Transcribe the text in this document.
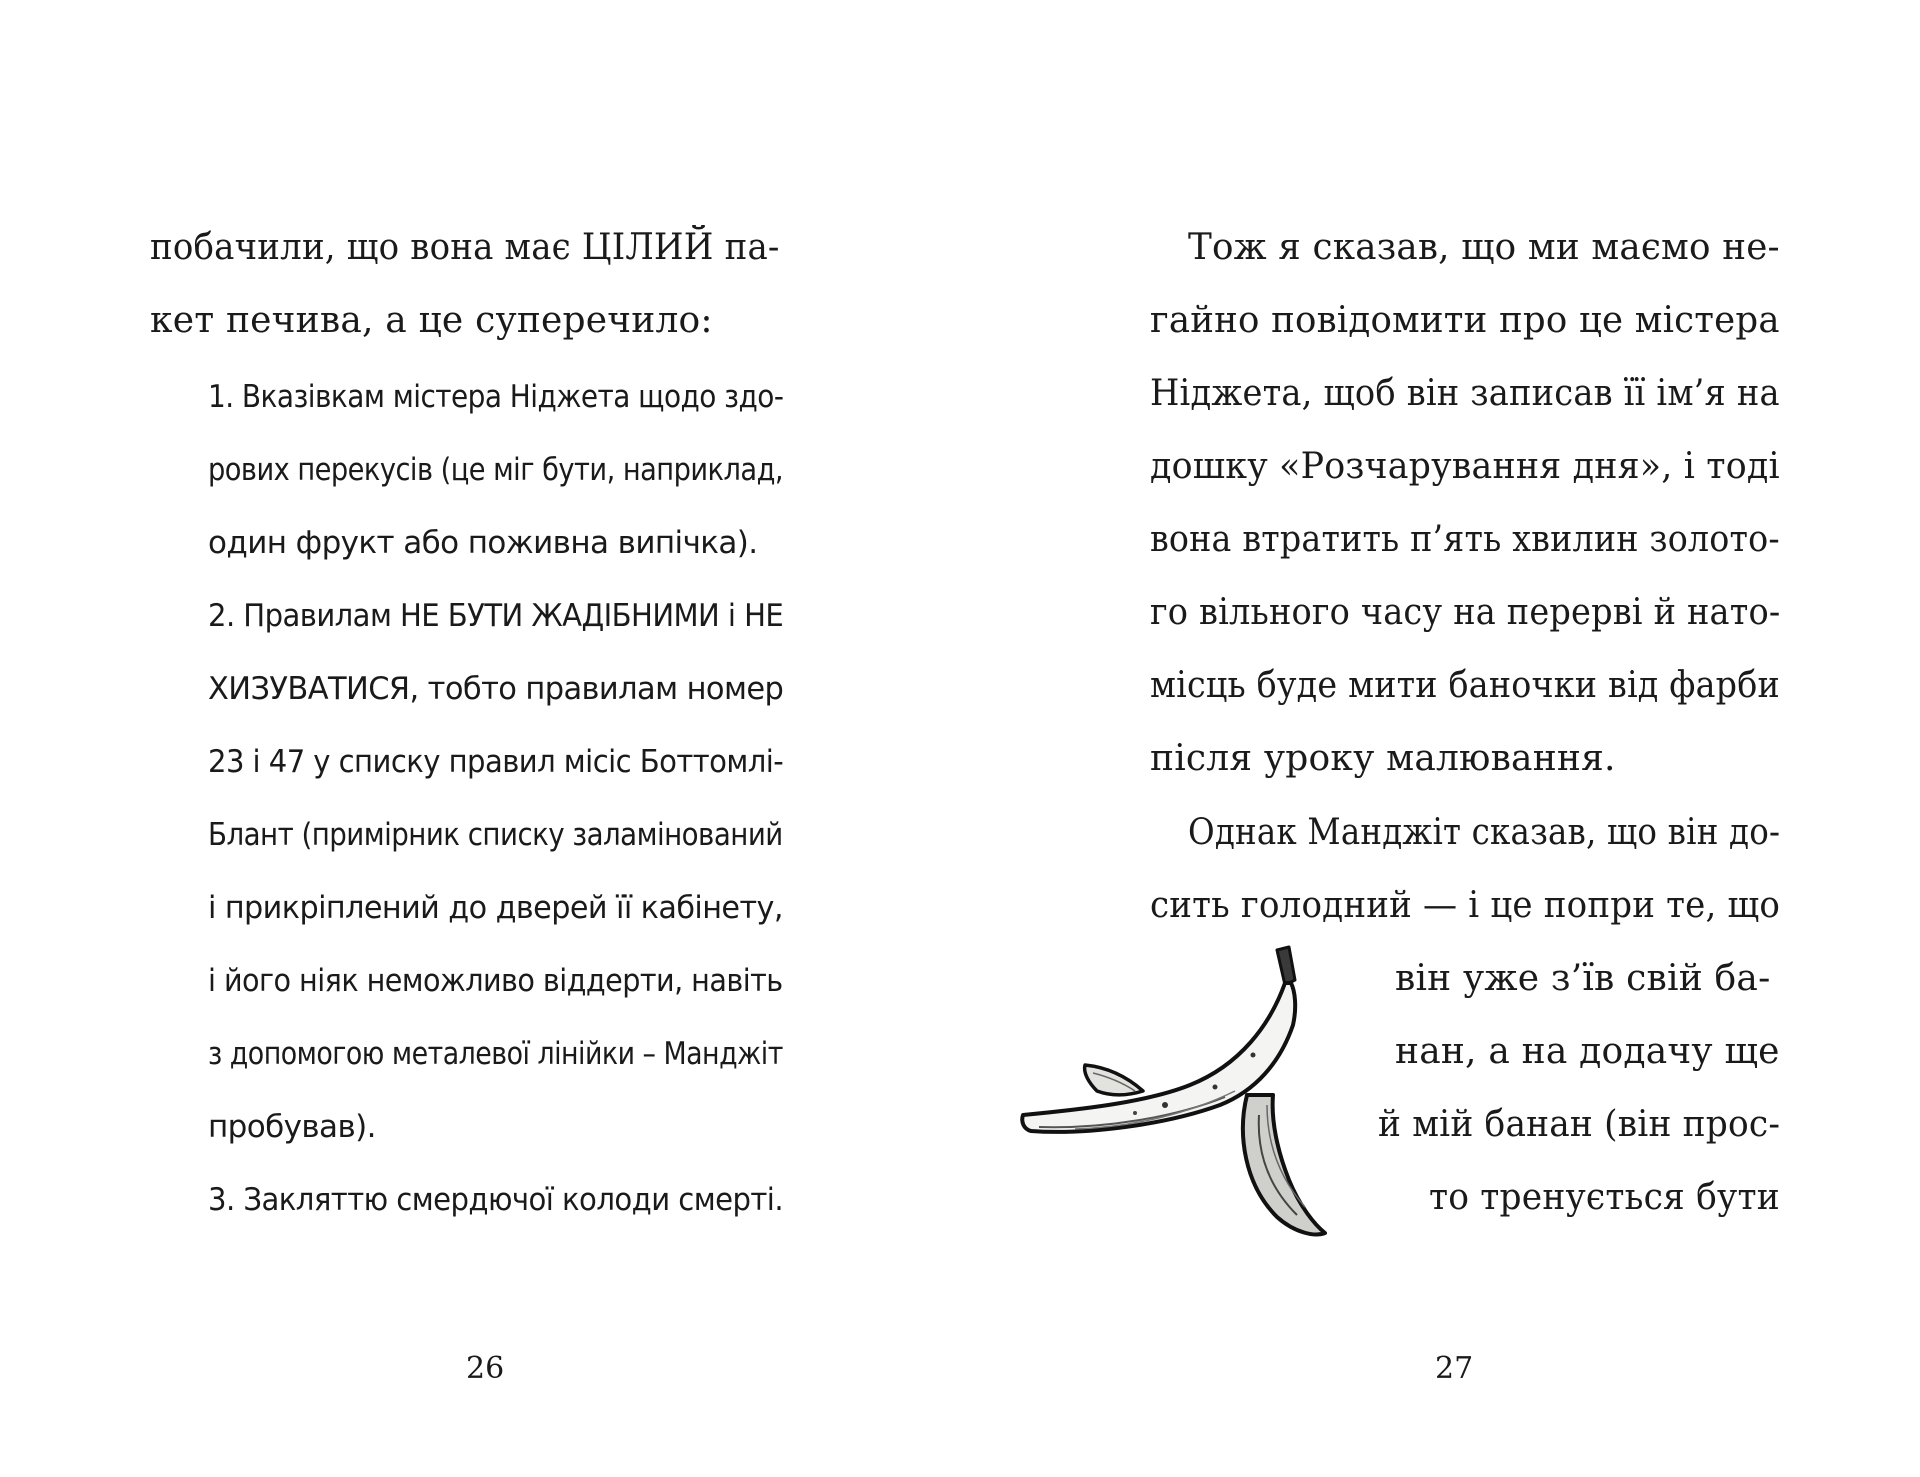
побачили, що вона має ЦІЛИЙ па-
кет печива, а це суперечило:
1. Вказівкам містера Ніджета щодо здо-
рових перекусів (це міг бути, наприклад,
один фрукт або поживна випічка).
2. Правилам НЕ БУТИ ЖАДІБНИМИ і НЕ
ХИЗУВАТИСЯ, тобто правилам номер
23 і 47 у списку правил місіс Боттомлі-
Блант (примірник списку заламінований
і прикріплений до дверей її кабінету,
і його ніяк неможливо віддерти, навіть
з допомогою металевої лінійки – Манджіт
пробував).
3. Закляттю смердючої колоди смерті.
26
Тож я сказав, що ми маємо не-
гайно повідомити про це містера
Ніджета, щоб він записав її ім’я на
дошку «Розчарування дня», і тоді
вона втратить п’ять хвилин золото-
го вільного часу на перерві й нато-
місць буде мити баночки від фарби
після уроку малювання.
Однак Манджіт сказав, що він до-
сить голодний — і це попри те, що
він уже з’їв свій ба-
нан, а на додачу ще
й мій банан (він прос-
то тренується бути
27
